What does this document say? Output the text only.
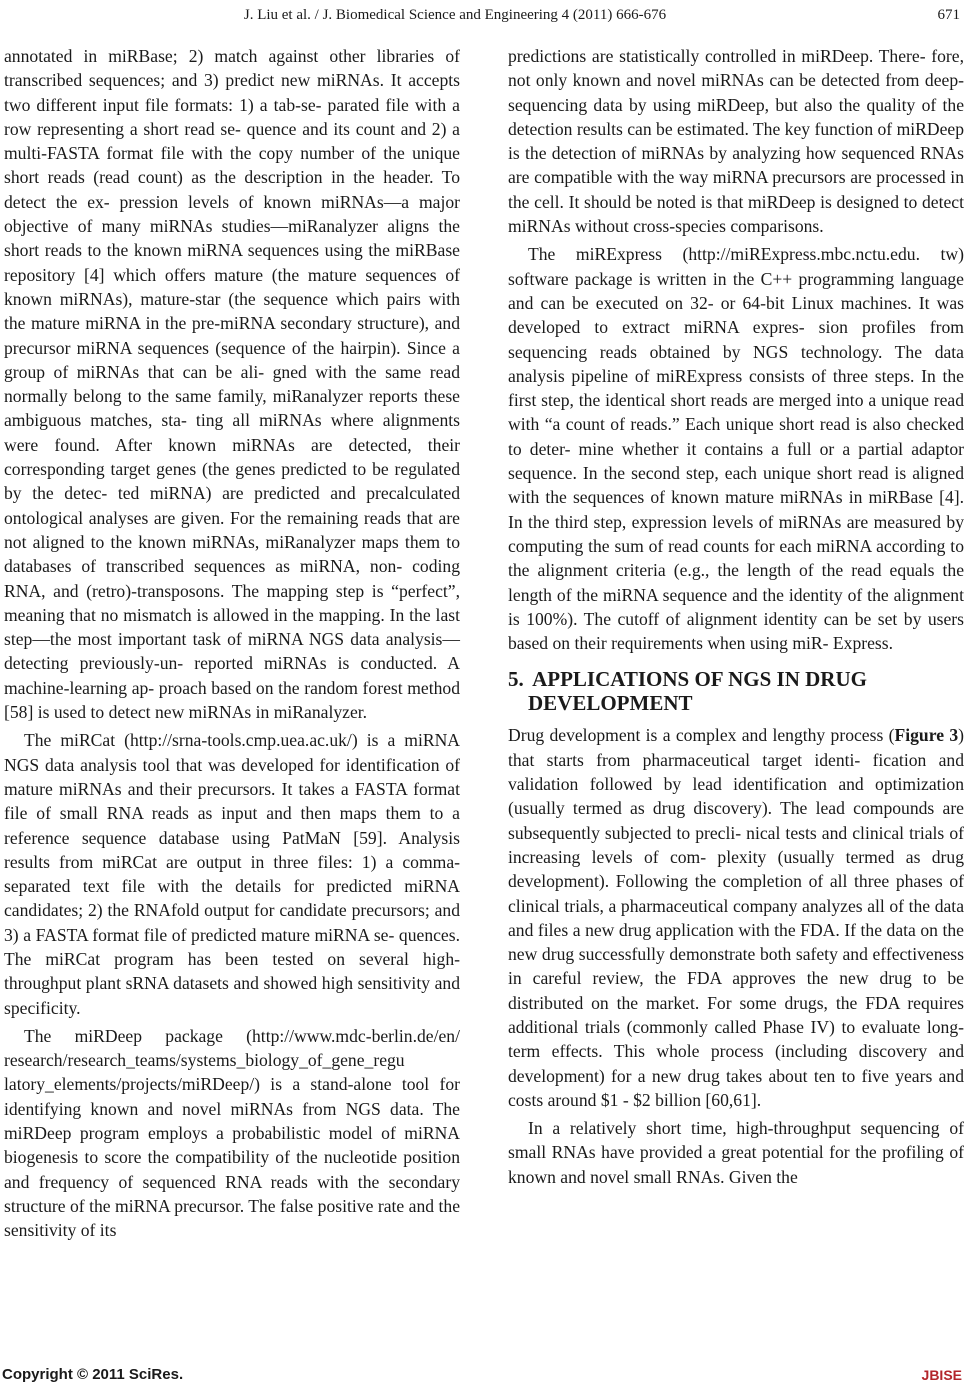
J. Liu et al. / J. Biomedical Science and Engineering 4 (2011) 666-676	671

annotated in miRBase; 2) match against other libraries of transcribed sequences; and 3) predict new miRNAs. It accepts two different input file formats: 1) a tab-se- parated file with a row representing a short read se- quence and its count and 2) a multi-FASTA format file with the copy number of the unique short reads (read count) as the description in the header. To detect the ex- pression levels of known miRNAs—a major objective of many miRNAs studies—miRanalyzer aligns the short reads to the known miRNA sequences using the miRBase repository [4] which offers mature (the mature sequences of known miRNAs), mature-star (the sequence which pairs with the mature miRNA in the pre-miRNA secondary structure), and precursor miRNA sequences (sequence of the hairpin). Since a group of miRNAs that can be ali- gned with the same read normally belong to the same family, miRanalyzer reports these ambiguous matches, sta- ting all miRNAs where alignments were found. After known miRNAs are detected, their corresponding target genes (the genes predicted to be regulated by the detec- ted miRNA) are predicted and precalculated ontological analyses are given. For the remaining reads that are not aligned to the known miRNAs, miRanalyzer maps them to databases of transcribed sequences as miRNA, non- coding RNA, and (retro)-transposons. The mapping step is “perfect”, meaning that no mismatch is allowed in the mapping. In the last step—the most important task of miRNA NGS data analysis—detecting previously-un- reported miRNAs is conducted. A machine-learning ap- proach based on the random forest method [58] is used to detect new miRNAs in miRanalyzer.

The miRCat (http://srna-tools.cmp.uea.ac.uk/) is a miRNA NGS data analysis tool that was developed for identification of mature miRNAs and their precursors. It takes a FASTA format file of small RNA reads as input and then maps them to a reference sequence database using PatMaN [59]. Analysis results from miRCat are output in three files: 1) a comma-separated text file with the details for predicted miRNA candidates; 2) the RNAfold output for candidate precursors; and 3) a FASTA format file of predicted mature miRNA se- quences. The miRCat program has been tested on several high-throughput plant sRNA datasets and showed high sensitivity and specificity.

The miRDeep package (http://www.mdc-berlin.de/en/ research/research_teams/systems_biology_of_gene_regu latory_elements/projects/miRDeep/) is a stand-alone tool for identifying known and novel miRNAs from NGS data. The miRDeep program employs a probabilistic model of miRNA biogenesis to score the compatibility of the nucleotide position and frequency of sequenced RNA reads with the secondary structure of the miRNA precursor. The false positive rate and the sensitivity of its

predictions are statistically controlled in miRDeep. There- fore, not only known and novel miRNAs can be detected from deep-sequencing data by using miRDeep, but also the quality of the detection results can be estimated. The key function of miRDeep is the detection of miRNAs by analyzing how sequenced RNAs are compatible with the way miRNA precursors are processed in the cell. It should be noted is that miRDeep is designed to detect miRNAs without cross-species comparisons.

The miRExpress (http://miRExpress.mbc.nctu.edu. tw) software package is written in the C++ programming language and can be executed on 32- or 64-bit Linux machines. It was developed to extract miRNA expres- sion profiles from sequencing reads obtained by NGS technology. The data analysis pipeline of miRExpress consists of three steps. In the first step, the identical short reads are merged into a unique read with “a count of reads.” Each unique short read is also checked to deter- mine whether it contains a full or a partial adaptor sequence. In the second step, each unique short read is aligned with the sequences of known mature miRNAs in miRBase [4]. In the third step, expression levels of miRNAs are measured by computing the sum of read counts for each miRNA according to the alignment criteria (e.g., the length of the read equals the length of the miRNA sequence and the identity of the alignment is 100%). The cutoff of alignment identity can be set by users based on their requirements when using miR- Express.

5. APPLICATIONS OF NGS IN DRUG DEVELOPMENT

Drug development is a complex and lengthy process (Figure 3) that starts from pharmaceutical target identi- fication and validation followed by lead identification and optimization (usually termed as drug discovery). The lead compounds are subsequently subjected to precli- nical tests and clinical trials of increasing levels of com- plexity (usually termed as drug development). Following the completion of all three phases of clinical trials, a pharmaceutical company analyzes all of the data and files a new drug application with the FDA. If the data on the new drug successfully demonstrate both safety and effectiveness in careful review, the FDA approves the new drug to be distributed on the market. For some drugs, the FDA requires additional trials (commonly called Phase IV) to evaluate long-term effects. This whole process (including discovery and development) for a new drug takes about ten to five years and costs around $1 - $2 billion [60,61].

In a relatively short time, high-throughput sequencing of small RNAs have provided a great potential for the profiling of known and novel small RNAs. Given the

Copyright © 2011 SciRes.	JBISE
